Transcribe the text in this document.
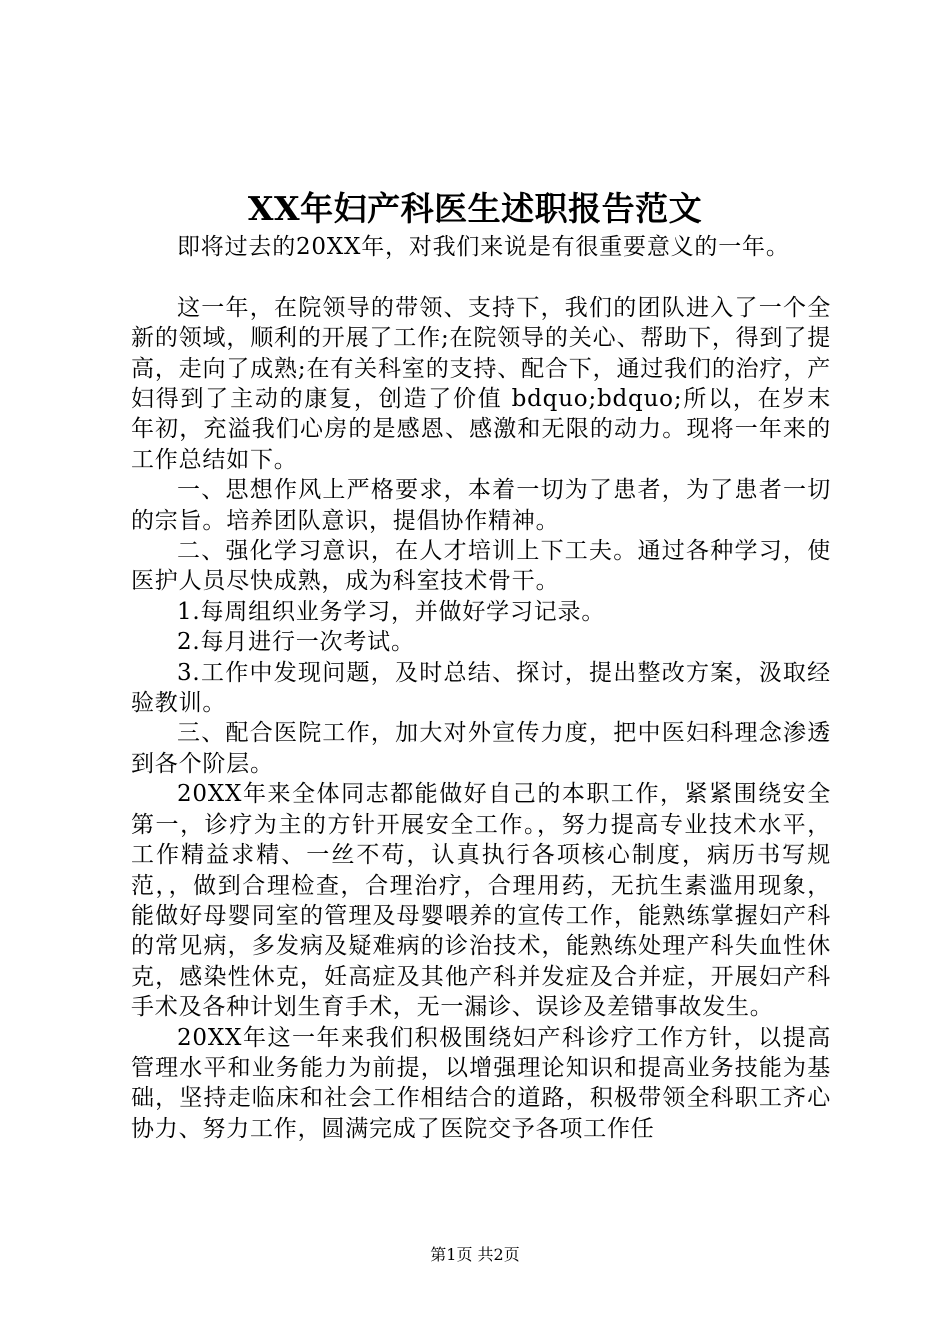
XX年妇产科医生述职报告范文

即将过去的20XX年，对我们来说是有很重要意义的一年。

这一年，在院领导的带领、支持下，我们的团队进入了一个全新的领域，顺利的开展了工作;在院领导的关心、帮助下，得到了提高，走向了成熟;在有关科室的支持、配合下，通过我们的治疗，产妇得到了主动的康复，创造了价值 bdquo;bdquo;所以，在岁末年初，充溢我们心房的是感恩、感激和无限的动力。现将一年来的工作总结如下。

一、思想作风上严格要求，本着一切为了患者，为了患者一切的宗旨。培养团队意识，提倡协作精神。

二、强化学习意识，在人才培训上下工夫。通过各种学习，使医护人员尽快成熟，成为科室技术骨干。

1.每周组织业务学习，并做好学习记录。

2.每月进行一次考试。

3.工作中发现问题，及时总结、探讨，提出整改方案，汲取经验教训。

三、配合医院工作，加大对外宣传力度，把中医妇科理念渗透到各个阶层。

20XX年来全体同志都能做好自己的本职工作，紧紧围绕安全第一，诊疗为主的方针开展安全工作。，努力提高专业技术水平，工作精益求精、一丝不苟，认真执行各项核心制度，病历书写规范，，做到合理检查，合理治疗，合理用药，无抗生素滥用现象，能做好母婴同室的管理及母婴喂养的宣传工作，能熟练掌握妇产科的常见病，多发病及疑难病的诊治技术，能熟练处理产科失血性休克，感染性休克，妊高症及其他产科并发症及合并症，开展妇产科手术及各种计划生育手术，无一漏诊、误诊及差错事故发生。

20XX年这一年来我们积极围绕妇产科诊疗工作方针，以提高管理水平和业务能力为前提，以增强理论知识和提高业务技能为基础，坚持走临床和社会工作相结合的道路，积极带领全科职工齐心协力、努力工作，圆满完成了医院交予各项工作任

第1页 共2页
